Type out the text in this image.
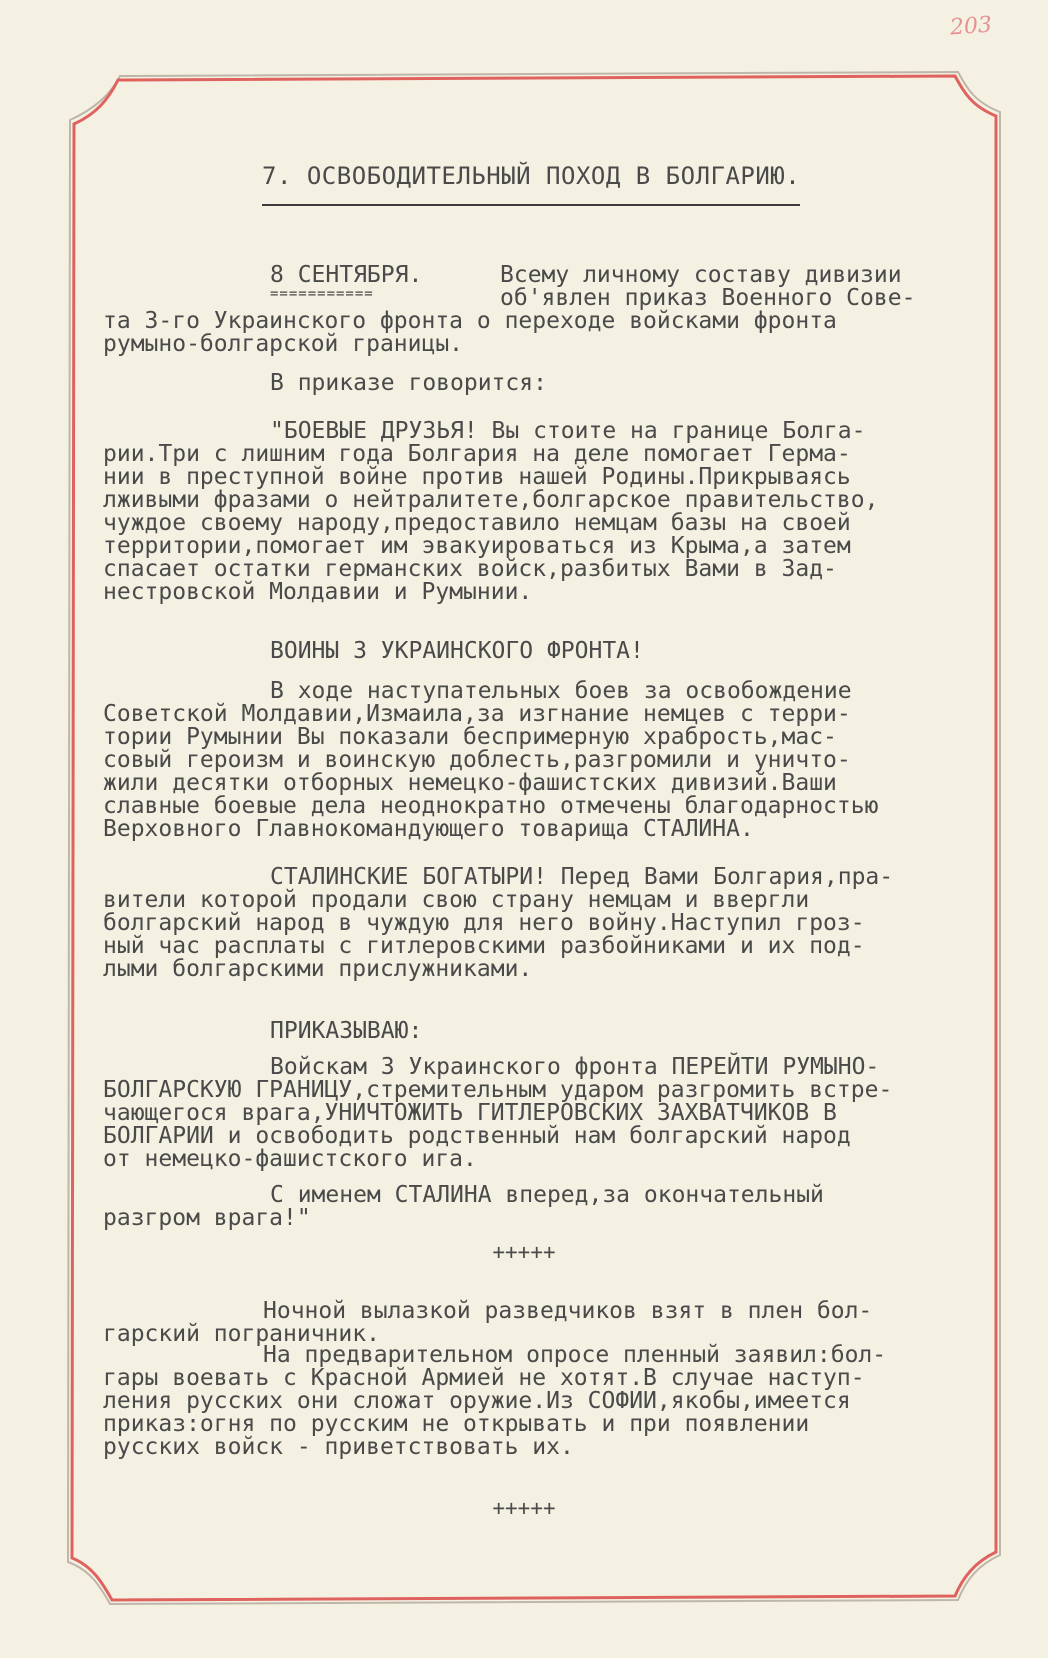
203
7. ОСВОБОДИТЕЛЬНЫЙ ПОХОД В БОЛГАРИЮ.
8 СЕНТЯБРЯ.
===========
Всему личному составу дивизии
об'явлен приказ Военного Сове-
та 3-го Украинского фронта о переходе войсками фронта
румыно-болгарской границы.
В приказе говорится:
"БОЕВЫЕ ДРУЗЬЯ! Вы стоите на границе Болга-
рии.Три с лишним года Болгария на деле помогает Герма-
нии в преступной войне против нашей Родины.Прикрываясь
лживыми фразами о нейтралитете,болгарское правительство,
чуждое своему народу,предоставило немцам базы на своей
территории,помогает им эвакуироваться из Крыма,а затем
спасает остатки германских войск,разбитых Вами в Зад-
нестровской Молдавии и Румынии.
ВОИНЫ 3 УКРАИНСКОГО ФРОНТА!
В ходе наступательных боев за освобождение
Советской Молдавии,Измаила,за изгнание немцев с терри-
тории Румынии Вы показали беспримерную храбрость,мас-
совый героизм и воинскую доблесть,разгромили и уничто-
жили десятки отборных немецко-фашистских дивизий.Ваши
славные боевые дела неоднократно отмечены благодарностью
Верховного Главнокомандующего товарища СТАЛИНА.
СТАЛИНСКИЕ БОГАТЫРИ! Перед Вами Болгария,пра-
вители которой продали свою страну немцам и ввергли
болгарский народ в чуждую для него войну.Наступил гроз-
ный час расплаты с гитлеровскими разбойниками и их под-
лыми болгарскими прислужниками.
ПРИКАЗЫВАЮ:
Войскам 3 Украинского фронта ПЕРЕЙТИ РУМЫНО-
БОЛГАРСКУЮ ГРАНИЦУ,стремительным ударом разгромить встре-
чающегося врага,УНИЧТОЖИТЬ ГИТЛЕРОВСКИХ ЗАХВАТЧИКОВ В
БОЛГАРИИ и освободить родственный нам болгарский народ
от немецко-фашистского ига.
С именем СТАЛИНА вперед,за окончательный
разгром врага!"
+++++
Ночной вылазкой разведчиков взят в плен бол-
гарский пограничник.
На предварительном опросе пленный заявил:бол-
гары воевать с Красной Армией не хотят.В случае наступ-
ления русских они сложат оружие.Из СОФИИ,якобы,имеется
приказ:огня по русским не открывать и при появлении
русских войск - приветствовать их.
+++++
